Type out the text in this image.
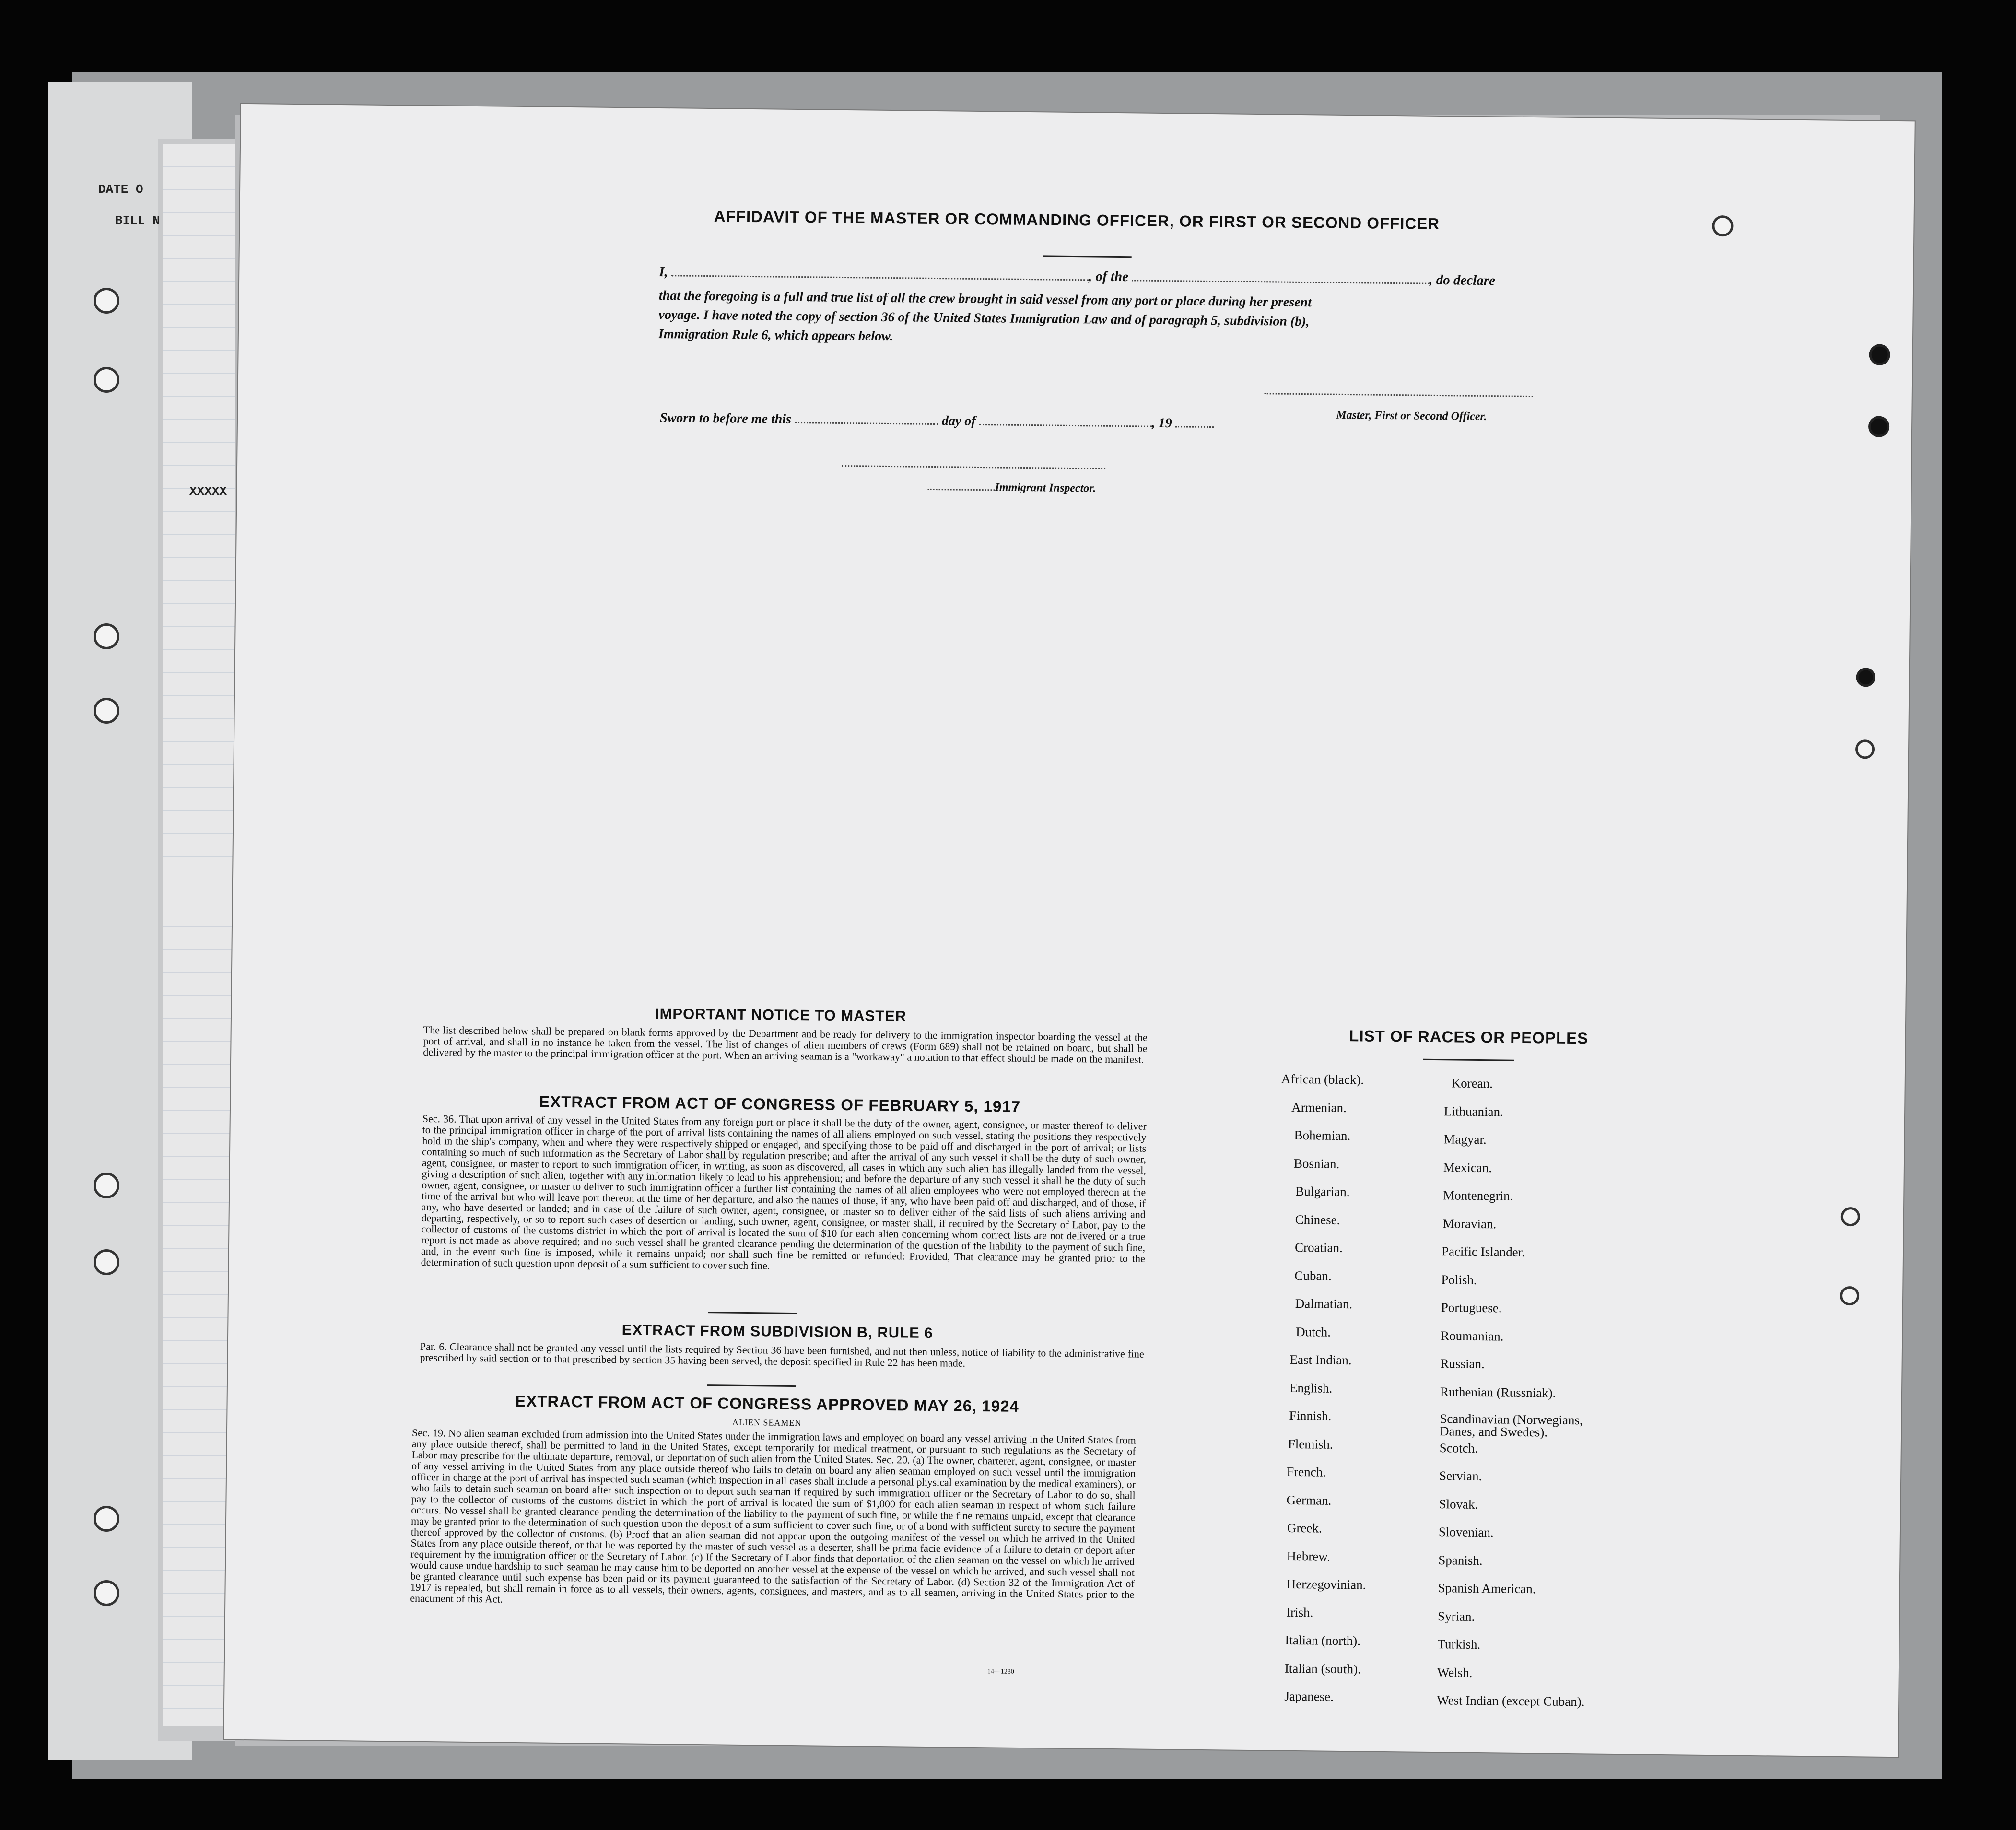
DATE O
BILL N
XXXXX
AFFIDAVIT OF THE MASTER OR COMMANDING OFFICER, OR FIRST OR SECOND OFFICER
I,	, of the	, do declare
that the foregoing is a full and true list of all the crew brought in said vessel from any port or place during her present
voyage. I have noted the copy of section 36 of the United States Immigration Law and of paragraph 5, subdivision (b),
Immigration Rule 6, which appears below.
Master, First or Second Officer.
Sworn to before me this	day of	, 19
Immigrant Inspector.
IMPORTANT NOTICE TO MASTER

The list described below shall be prepared on blank forms approved by the Department and be ready for delivery to the immigration inspector boarding the vessel at the port of arrival, and shall in no instance be taken from the vessel. The list of changes of alien members of crews (Form 689) shall not be retained on board, but shall be delivered by the master to the principal immigration officer at the port. When an arriving seaman is a "workaway" a notation to that effect should be made on the manifest.

EXTRACT FROM ACT OF CONGRESS OF FEBRUARY 5, 1917

Sec. 36. That upon arrival of any vessel in the United States from any foreign port or place it shall be the duty of the owner, agent, consignee, or master thereof to deliver to the principal immigration officer in charge of the port of arrival lists containing the names of all aliens employed on such vessel, stating the positions they respectively hold in the ship's company, when and where they were respectively shipped or engaged, and specifying those to be paid off and discharged in the port of arrival; or lists containing so much of such information as the Secretary of Labor shall by regulation prescribe; and after the arrival of any such vessel it shall be the duty of such owner, agent, consignee, or master to report to such immigration officer, in writing, as soon as discovered, all cases in which any such alien has illegally landed from the vessel, giving a description of such alien, together with any information likely to lead to his apprehension; and before the departure of any such vessel it shall be the duty of such owner, agent, consignee, or master to deliver to such immigration officer a further list containing the names of all alien employees who were not employed thereon at the time of the arrival but who will leave port thereon at the time of her departure, and also the names of those, if any, who have been paid off and discharged, and of those, if any, who have deserted or landed; and in case of the failure of such owner, agent, consignee, or master so to deliver either of the said lists of such aliens arriving and departing, respectively, or so to report such cases of desertion or landing, such owner, agent, consignee, or master shall, if required by the Secretary of Labor, pay to the collector of customs of the customs district in which the port of arrival is located the sum of $10 for each alien concerning whom correct lists are not delivered or a true report is not made as above required; and no such vessel shall be granted clearance pending the determination of the question of the liability to the payment of such fine, and, in the event such fine is imposed, while it remains unpaid; nor shall such fine be remitted or refunded: Provided, That clearance may be granted prior to the determination of such question upon deposit of a sum sufficient to cover such fine.

EXTRACT FROM SUBDIVISION B, RULE 6

Par. 6. Clearance shall not be granted any vessel until the lists required by Section 36 have been furnished, and not then unless, notice of liability to the administrative fine prescribed by said section or to that prescribed by section 35 having been served, the deposit specified in Rule 22 has been made.

EXTRACT FROM ACT OF CONGRESS APPROVED MAY 26, 1924
ALIEN SEAMEN

Sec. 19. No alien seaman excluded from admission into the United States under the immigration laws and employed on board any vessel arriving in the United States from any place outside thereof, shall be permitted to land in the United States, except temporarily for medical treatment, or pursuant to such regulations as the Secretary of Labor may prescribe for the ultimate departure, removal, or deportation of such alien from the United States. Sec. 20. (a) The owner, charterer, agent, consignee, or master of any vessel arriving in the United States from any place outside thereof who fails to detain on board any alien seaman employed on such vessel until the immigration officer in charge at the port of arrival has inspected such seaman (which inspection in all cases shall include a personal physical examination by the medical examiners), or who fails to detain such seaman on board after such inspection or to deport such seaman if required by such immigration officer or the Secretary of Labor to do so, shall pay to the collector of customs of the customs district in which the port of arrival is located the sum of $1,000 for each alien seaman in respect of whom such failure occurs. No vessel shall be granted clearance pending the determination of the liability to the payment of such fine, or while the fine remains unpaid, except that clearance may be granted prior to the determination of such question upon the deposit of a sum sufficient to cover such fine, or of a bond with sufficient surety to secure the payment thereof approved by the collector of customs. (b) Proof that an alien seaman did not appear upon the outgoing manifest of the vessel on which he arrived in the United States from any place outside thereof, or that he was reported by the master of such vessel as a deserter, shall be prima facie evidence of a failure to detain or deport after requirement by the immigration officer or the Secretary of Labor. (c) If the Secretary of Labor finds that deportation of the alien seaman on the vessel on which he arrived would cause undue hardship to such seaman he may cause him to be deported on another vessel at the expense of the vessel on which he arrived, and such vessel shall not be granted clearance until such expense has been paid or its payment guaranteed to the satisfaction of the Secretary of Labor. (d) Section 32 of the Immigration Act of 1917 is repealed, but shall remain in force as to all vessels, their owners, agents, consignees, and masters, and as to all seamen, arriving in the United States prior to the enactment of this Act.

14—1280
LIST OF RACES OR PEOPLES
African (black).
Armenian.
Bohemian.
Bosnian.
Bulgarian.
Chinese.
Croatian.
Cuban.
Dalmatian.
Dutch.
East Indian.
English.
Finnish.
Flemish.
French.
German.
Greek.
Hebrew.
Herzegovinian.
Irish.
Italian (north).
Italian (south).
Japanese.
Korean.
Lithuanian.
Magyar.
Mexican.
Montenegrin.
Moravian.
Pacific Islander.
Polish.
Portuguese.
Roumanian.
Russian.
Ruthenian (Russniak).
Scandinavian (Norwegians, Danes, and Swedes).
Scotch.
Servian.
Slovak.
Slovenian.
Spanish.
Spanish American.
Syrian.
Turkish.
Welsh.
West Indian (except Cuban).
